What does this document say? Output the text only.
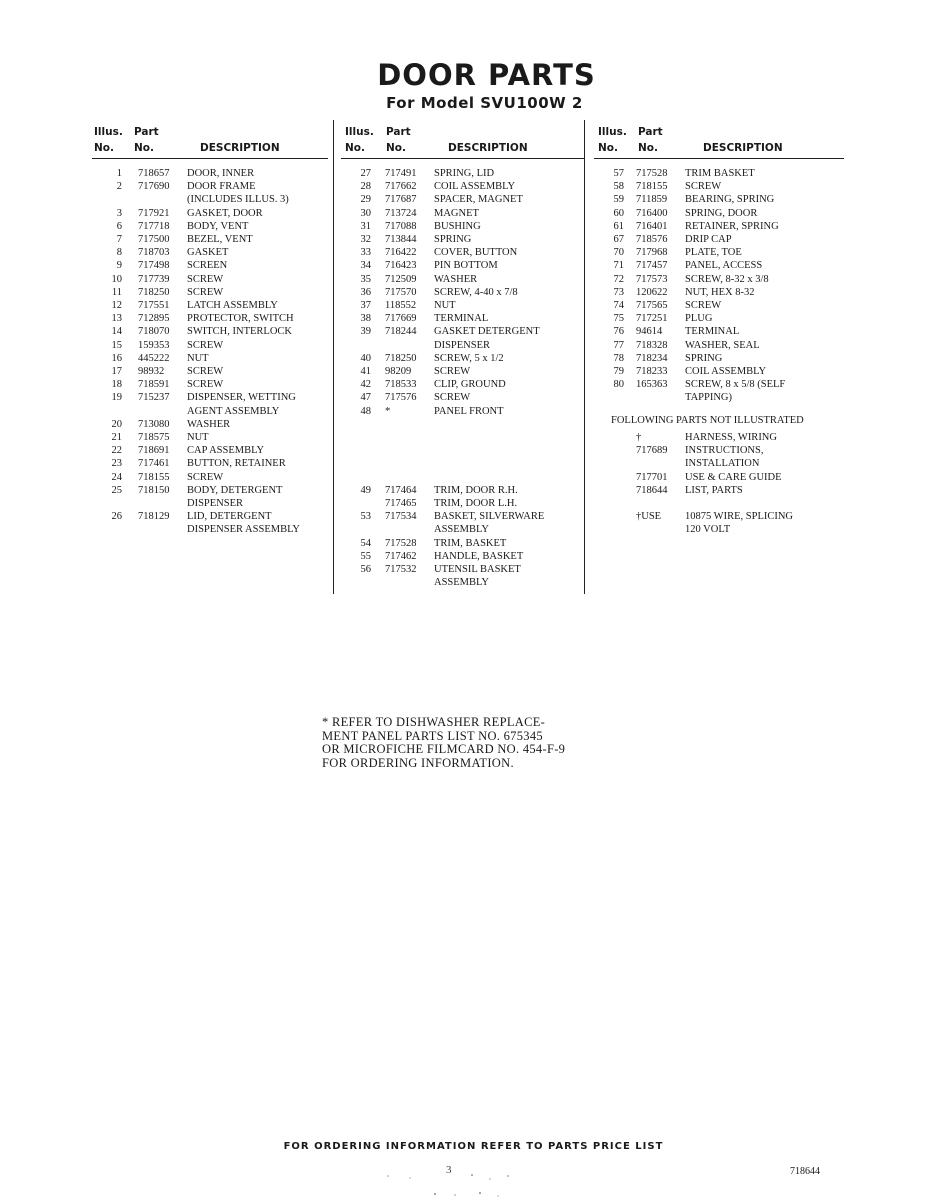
DOOR PARTS
For Model SVU100W 2
Illus. Part
No. No.	DESCRIPTION
1 718657 DOOR, INNER
2 717690 DOOR FRAME
(INCLUDES ILLUS. 3)
3 717921 GASKET, DOOR
6 717718 BODY, VENT
7 717500 BEZEL, VENT
8 718703 GASKET
9 717498 SCREEN
10 717739 SCREW
11 718250 SCREW
12 717551 LATCH ASSEMBLY
13 712895 PROTECTOR, SWITCH
14 718070 SWITCH, INTERLOCK
15 159353 SCREW
16 445222 NUT
17 98932 SCREW
18 718591 SCREW
19 715237 DISPENSER, WETTING
AGENT ASSEMBLY
20 713080 WASHER
21 718575 NUT
22 718691 CAP ASSEMBLY
23 717461 BUTTON, RETAINER
24 718155 SCREW
25 718150 BODY, DETERGENT
DISPENSER
26 718129 LID, DETERGENT
DISPENSER ASSEMBLY
Illus. Part
No. No.	DESCRIPTION
27 717491 SPRING, LID
28 717662 COIL ASSEMBLY
29 717687 SPACER, MAGNET
30 713724 MAGNET
31 717088 BUSHING
32 713844 SPRING
33 716422 COVER, BUTTON
34 716423 PIN BOTTOM
35 712509 WASHER
36 717570 SCREW, 4-40 x 7/8
37 118552 NUT
38 717669 TERMINAL
39 718244 GASKET DETERGENT
DISPENSER
40 718250 SCREW, 5 x 1/2
41 98209 SCREW
42 718533 CLIP, GROUND
47 717576 SCREW
48 *	PANEL FRONT
49 717464 TRIM, DOOR R.H.
717465 TRIM, DOOR L.H.
53 717534 BASKET, SILVERWARE
ASSEMBLY
54 717528 TRIM, BASKET
55 717462 HANDLE, BASKET
56 717532 UTENSIL BASKET
ASSEMBLY
Illus. Part
No. No.	DESCRIPTION
FOLLOWING PARTS NOT ILLUSTRATED
57 717528 TRIM BASKET
58 718155 SCREW
59 711859 BEARING, SPRING
60 716400 SPRING, DOOR
61 716401 RETAINER, SPRING
67 718576 DRIP CAP
70 717968 PLATE, TOE
71 717457 PANEL, ACCESS
72 717573 SCREW, 8-32 x 3/8
73 120622 NUT, HEX 8-32
74 717565 SCREW
75 717251 PLUG
76 94614 TERMINAL
77 718328 WASHER, SEAL
78 718234 SPRING
79 718233 COIL ASSEMBLY
80 165363 SCREW, 8 x 5/8 (SELF
TAPPING)
†	HARNESS, WIRING
717689 INSTRUCTIONS,
INSTALLATION
717701 USE & CARE GUIDE
718644 LIST, PARTS
†USE 10875 WIRE, SPLICING
120 VOLT
* REFER TO DISHWASHER REPLACE-
MENT PANEL PARTS LIST NO. 675345
OR MICROFICHE FILMCARD NO. 454-F-9
FOR ORDERING INFORMATION.
FOR ORDERING INFORMATION REFER TO PARTS PRICE LIST
3	718644
